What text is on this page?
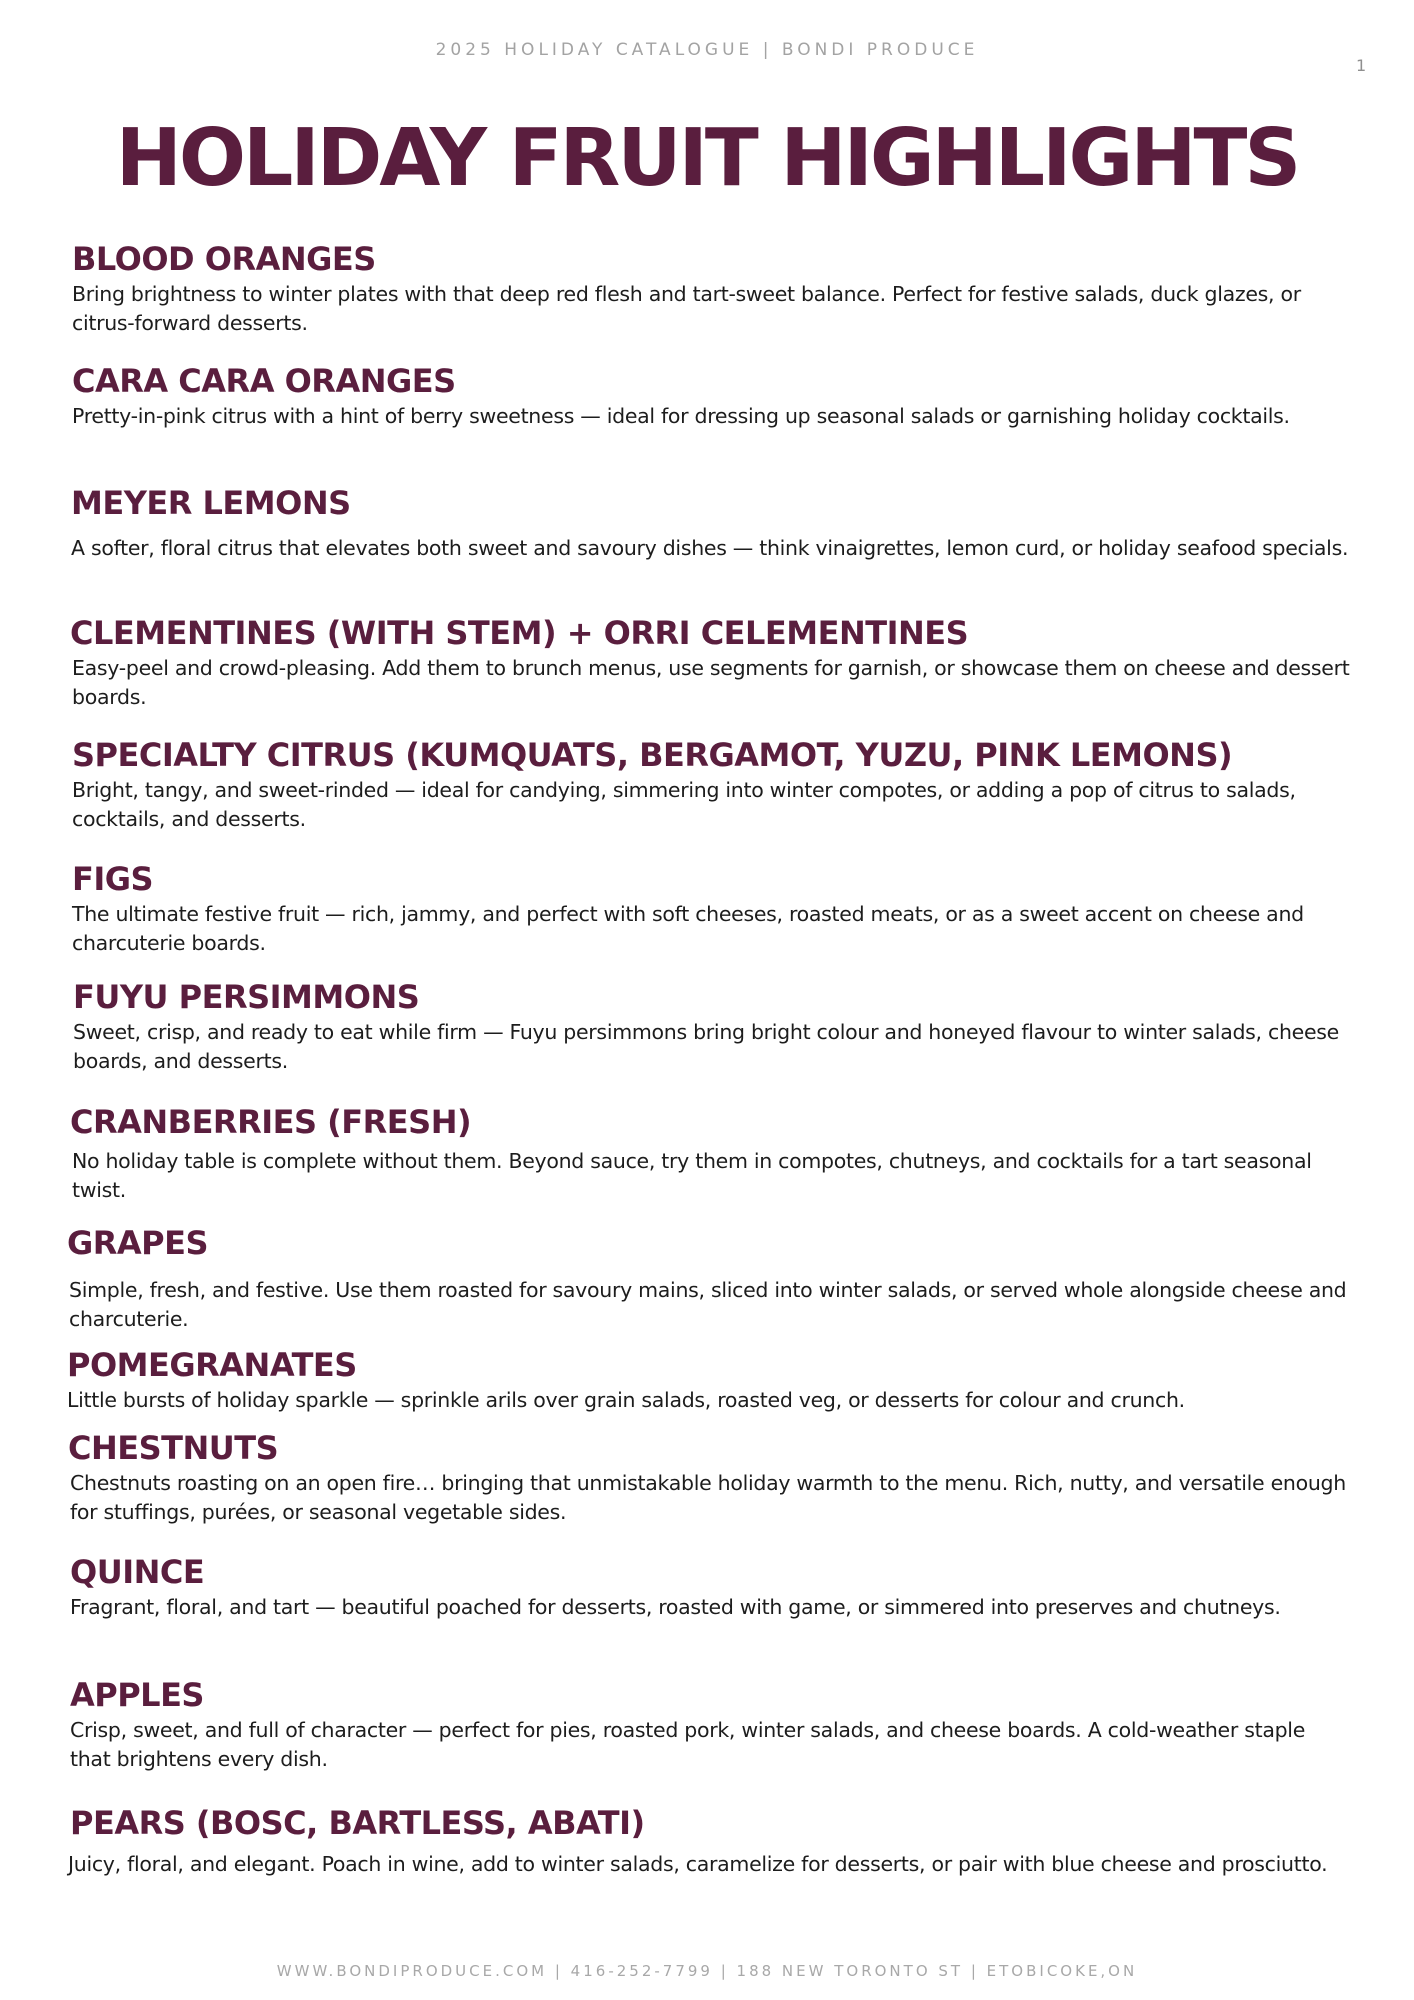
2025 HOLIDAY CATALOGUE | BONDI PRODUCE
1
HOLIDAY FRUIT HIGHLIGHTS
BLOOD ORANGES

Bring brightness to winter plates with that deep red flesh and tart-sweet balance. Perfect for festive salads, duck glazes, or citrus-forward desserts.

CARA CARA ORANGES

Pretty-in-pink citrus with a hint of berry sweetness — ideal for dressing up seasonal salads or garnishing holiday cocktails.

MEYER LEMONS

A softer, floral citrus that elevates both sweet and savoury dishes — think vinaigrettes, lemon curd, or holiday seafood specials.

CLEMENTINES (WITH STEM) + ORRI CELEMENTINES

Easy-peel and crowd-pleasing. Add them to brunch menus, use segments for garnish, or showcase them on cheese and dessert boards.

SPECIALTY CITRUS (KUMQUATS, BERGAMOT, YUZU, PINK LEMONS)

Bright, tangy, and sweet-rinded — ideal for candying, simmering into winter compotes, or adding a pop of citrus to salads, cocktails, and desserts.

FIGS

The ultimate festive fruit — rich, jammy, and perfect with soft cheeses, roasted meats, or as a sweet accent on cheese and charcuterie boards.

FUYU PERSIMMONS

Sweet, crisp, and ready to eat while firm — Fuyu persimmons bring bright colour and honeyed flavour to winter salads, cheese boards, and desserts.

CRANBERRIES (FRESH)

No holiday table is complete without them. Beyond sauce, try them in compotes, chutneys, and cocktails for a tart seasonal twist.

GRAPES

Simple, fresh, and festive. Use them roasted for savoury mains, sliced into winter salads, or served whole alongside cheese and charcuterie.

POMEGRANATES

Little bursts of holiday sparkle — sprinkle arils over grain salads, roasted veg, or desserts for colour and crunch.

CHESTNUTS

Chestnuts roasting on an open fire… bringing that unmistakable holiday warmth to the menu. Rich, nutty, and versatile enough for stuffings, purées, or seasonal vegetable sides.

QUINCE

Fragrant, floral, and tart — beautiful poached for desserts, roasted with game, or simmered into preserves and chutneys.

APPLES

Crisp, sweet, and full of character — perfect for pies, roasted pork, winter salads, and cheese boards. A cold-weather staple that brightens every dish.

PEARS (BOSC, BARTLESS, ABATI)

Juicy, floral, and elegant. Poach in wine, add to winter salads, caramelize for desserts, or pair with blue cheese and prosciutto.

WWW.BONDIPRODUCE.COM | 416-252-7799 | 188 NEW TORONTO ST | ETOBICOKE,ON
